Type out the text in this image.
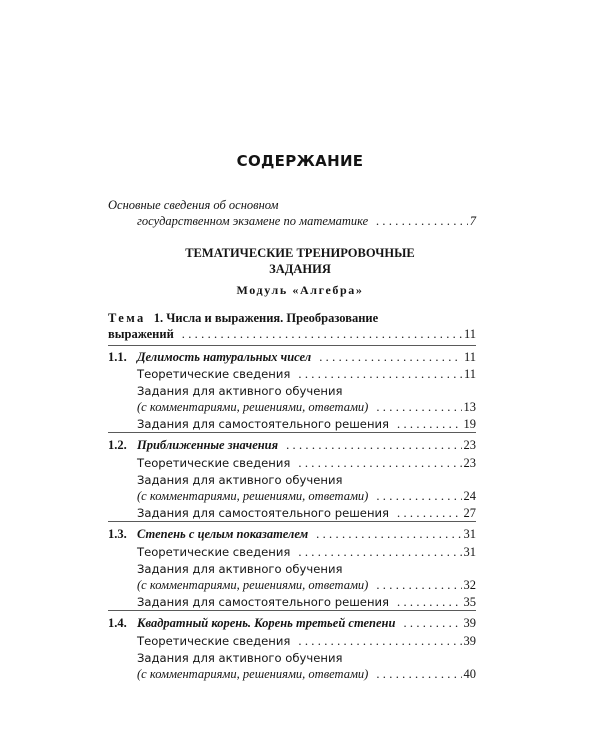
СОДЕРЖАНИЕ
Основные сведения об основном
государственном экзамене по математике . . .	7
ТЕМАТИЧЕСКИЕ ТРЕНИРОВОЧНЫЕ
ЗАДАНИЯ
Модуль «Алгебра»
Тема 1. Числа и выражения. Преобразование
выражений . . .	11
1.1. Делимость натуральных чисел . . .	11
Теоретические сведения . . .	11
Задания для активного обучения
(с комментариями, решениями, ответами) . . .	13
Задания для самостоятельного решения . . .	19
1.2. Приближенные значения . . .	23
Теоретические сведения . . .	23
Задания для активного обучения
(с комментариями, решениями, ответами) . . .	24
Задания для самостоятельного решения . . .	27
1.3. Степень с целым показателем . . .	31
Теоретические сведения . . .	31
Задания для активного обучения
(с комментариями, решениями, ответами) . . .	32
Задания для самостоятельного решения . . .	35
1.4. Квадратный корень. Корень третьей степени . . .	39
Теоретические сведения . . .	39
Задания для активного обучения
(с комментариями, решениями, ответами) . . .	40
